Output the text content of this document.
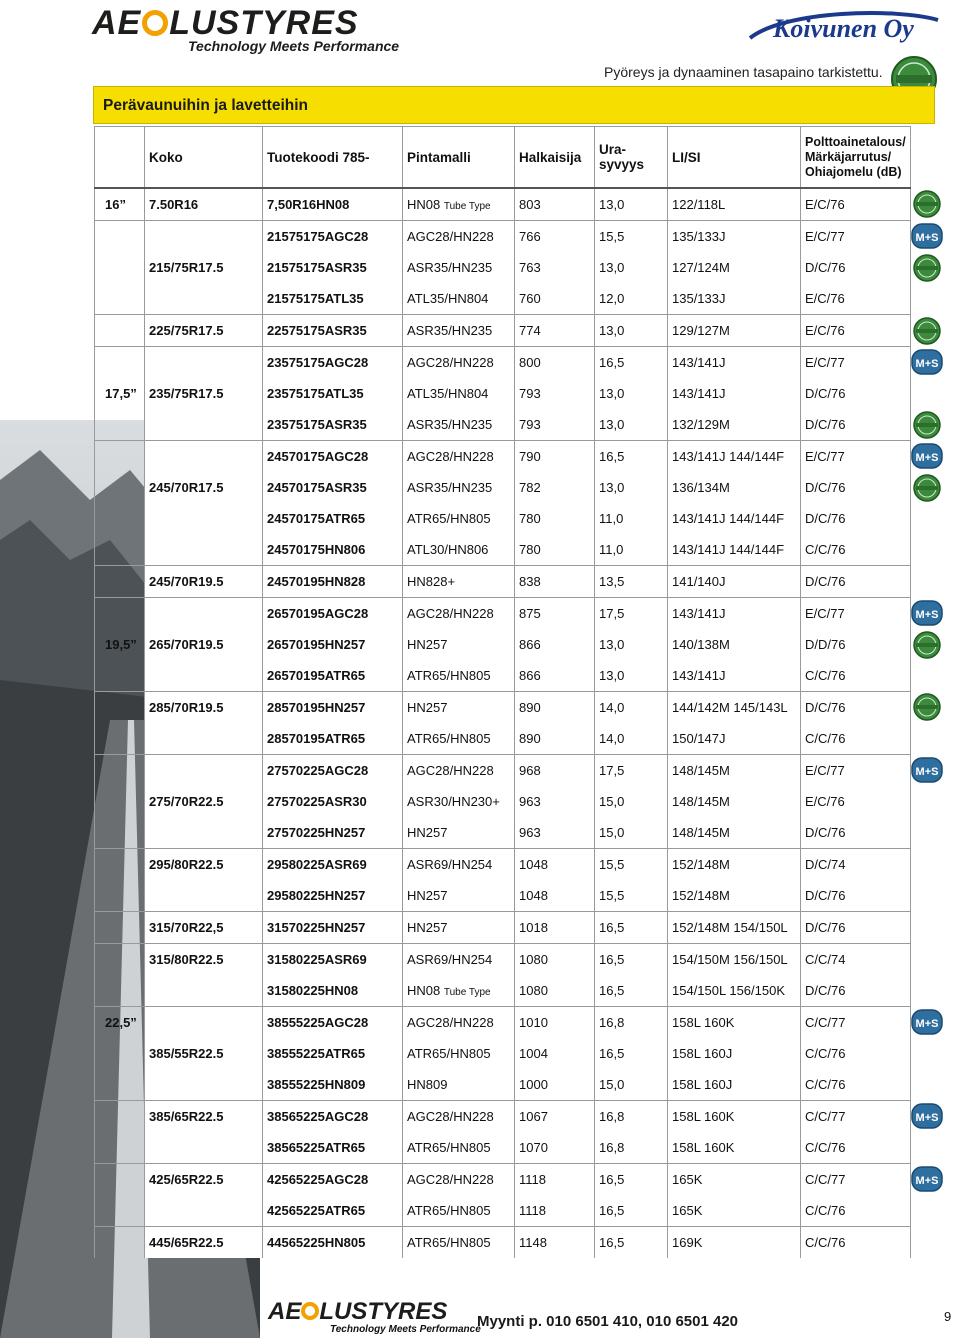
AE LUSTYRES
Technology Meets Performance
Koivunen Oy
Pyöreys ja dynaaminen tasapaino tarkistettu.
Perävaunuihin ja lavetteihin
	Koko	Tuotekoodi 785-	Pintamalli	Halkaisija	Ura-syvyys	LI/SI	Polttoainetalous/ Märkäjarrutus/ Ohiajomelu (dB)	
16”	7.50R16	7,50R16HN08	HN08 Tube Type	803	13,0	122/118L	E/C/76	
		21575175AGC28	AGC28/HN228	766	15,5	135/133J	E/C/77	M+S

	215/75R17.5	21575175ASR35	ASR35/HN235	763	13,0	127/124M	D/C/76	
		21575175ATL35	ATL35/HN804	760	12,0	135/133J	E/C/76	
	225/75R17.5	22575175ASR35	ASR35/HN235	774	13,0	129/127M	E/C/76	
		23575175AGC28	AGC28/HN228	800	16,5	143/141J	E/C/77	M+S

17,5”	235/75R17.5	23575175ATL35	ATL35/HN804	793	13,0	143/141J	D/C/76	
		23575175ASR35	ASR35/HN235	793	13,0	132/129M	D/C/76	
		24570175AGC28	AGC28/HN228	790	16,5	143/141J 144/144F	E/C/77	M+S

	245/70R17.5	24570175ASR35	ASR35/HN235	782	13,0	136/134M	D/C/76	
		24570175ATR65	ATR65/HN805	780	11,0	143/141J 144/144F	D/C/76	
		24570175HN806	ATL30/HN806	780	11,0	143/141J 144/144F	C/C/76	
	245/70R19.5	24570195HN828	HN828+	838	13,5	141/140J	D/C/76	
		26570195AGC28	AGC28/HN228	875	17,5	143/141J	E/C/77	M+S

19,5”	265/70R19.5	26570195HN257	HN257	866	13,0	140/138M	D/D/76	
		26570195ATR65	ATR65/HN805	866	13,0	143/141J	C/C/76	
	285/70R19.5	28570195HN257	HN257	890	14,0	144/142M 145/143L	D/C/76	
		28570195ATR65	ATR65/HN805	890	14,0	150/147J	C/C/76	
		27570225AGC28	AGC28/HN228	968	17,5	148/145M	E/C/77	M+S

	275/70R22.5	27570225ASR30	ASR30/HN230+	963	15,0	148/145M	E/C/76	
		27570225HN257	HN257	963	15,0	148/145M	D/C/76	
	295/80R22.5	29580225ASR69	ASR69/HN254	1048	15,5	152/148M	D/C/74	
		29580225HN257	HN257	1048	15,5	152/148M	D/C/76	
	315/70R22,5	31570225HN257	HN257	1018	16,5	152/148M 154/150L	D/C/76	
	315/80R22.5	31580225ASR69	ASR69/HN254	1080	16,5	154/150M 156/150L	C/C/74	
		31580225HN08	HN08 Tube Type	1080	16,5	154/150L 156/150K	D/C/76	
22,5”		38555225AGC28	AGC28/HN228	1010	16,8	158L 160K	C/C/77	M+S

	385/55R22.5	38555225ATR65	ATR65/HN805	1004	16,5	158L 160J	C/C/76	
		38555225HN809	HN809	1000	15,0	158L 160J	C/C/76	
	385/65R22.5	38565225AGC28	AGC28/HN228	1067	16,8	158L 160K	C/C/77	M+S

		38565225ATR65	ATR65/HN805	1070	16,8	158L 160K	C/C/76	
	425/65R22.5	42565225AGC28	AGC28/HN228	1118	16,5	165K	C/C/77	M+S

		42565225ATR65	ATR65/HN805	1118	16,5	165K	C/C/76	
	445/65R22.5	44565225HN805	ATR65/HN805	1148	16,5	169K	C/C/76	
AE LUSTYRES
Technology Meets Performance
Myynti p. 010 6501 410, 010 6501 420	9
